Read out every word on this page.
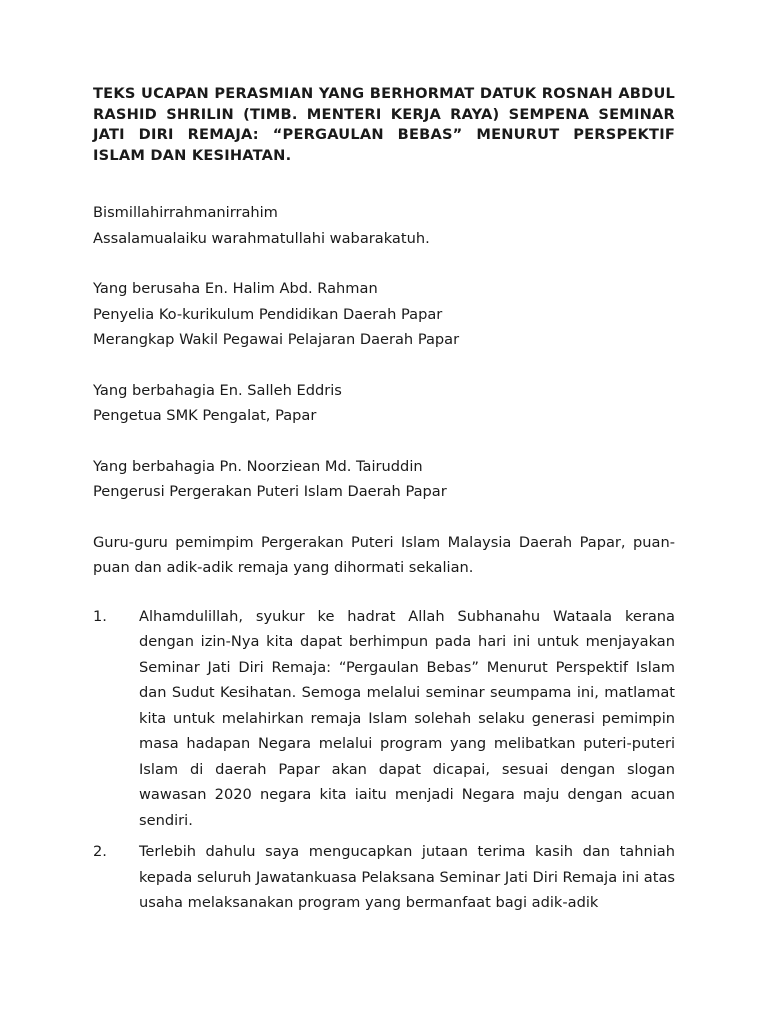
TEKS UCAPAN PERASMIAN YANG BERHORMAT DATUK ROSNAH ABDUL RASHID SHRILIN (TIMB. MENTERI KERJA RAYA) SEMPENA SEMINAR JATI DIRI REMAJA: “PERGAULAN BEBAS” MENURUT PERSPEKTIF ISLAM DAN KESIHATAN.

Bismillahirrahmanirrahim

Assalamualaiku warahmatullahi wabarakatuh.

Yang berusaha En. Halim Abd. Rahman

Penyelia Ko-kurikulum Pendidikan Daerah Papar

Merangkap Wakil Pegawai Pelajaran Daerah Papar

Yang berbahagia En. Salleh Eddris

Pengetua SMK Pengalat, Papar

Yang berbahagia Pn. Noorziean Md. Tairuddin

Pengerusi Pergerakan Puteri Islam Daerah Papar

Guru-guru pemimpim Pergerakan Puteri Islam Malaysia Daerah Papar, puan-puan dan adik-adik remaja yang dihormati sekalian.

1.	Alhamdulillah, syukur ke hadrat Allah Subhanahu Wataala kerana dengan izin-Nya kita dapat berhimpun pada hari ini untuk menjayakan Seminar Jati Diri Remaja: “Pergaulan Bebas” Menurut Perspektif Islam dan Sudut Kesihatan. Semoga melalui seminar seumpama ini, matlamat kita untuk melahirkan remaja Islam solehah selaku generasi pemimpin masa hadapan Negara melalui program yang melibatkan puteri-puteri Islam di daerah Papar akan dapat dicapai, sesuai dengan slogan wawasan 2020 negara kita iaitu menjadi Negara maju dengan acuan sendiri.

2.	Terlebih dahulu saya mengucapkan jutaan terima kasih dan tahniah kepada seluruh Jawatankuasa Pelaksana Seminar Jati Diri Remaja ini atas usaha melaksanakan program yang bermanfaat bagi adik-adik
